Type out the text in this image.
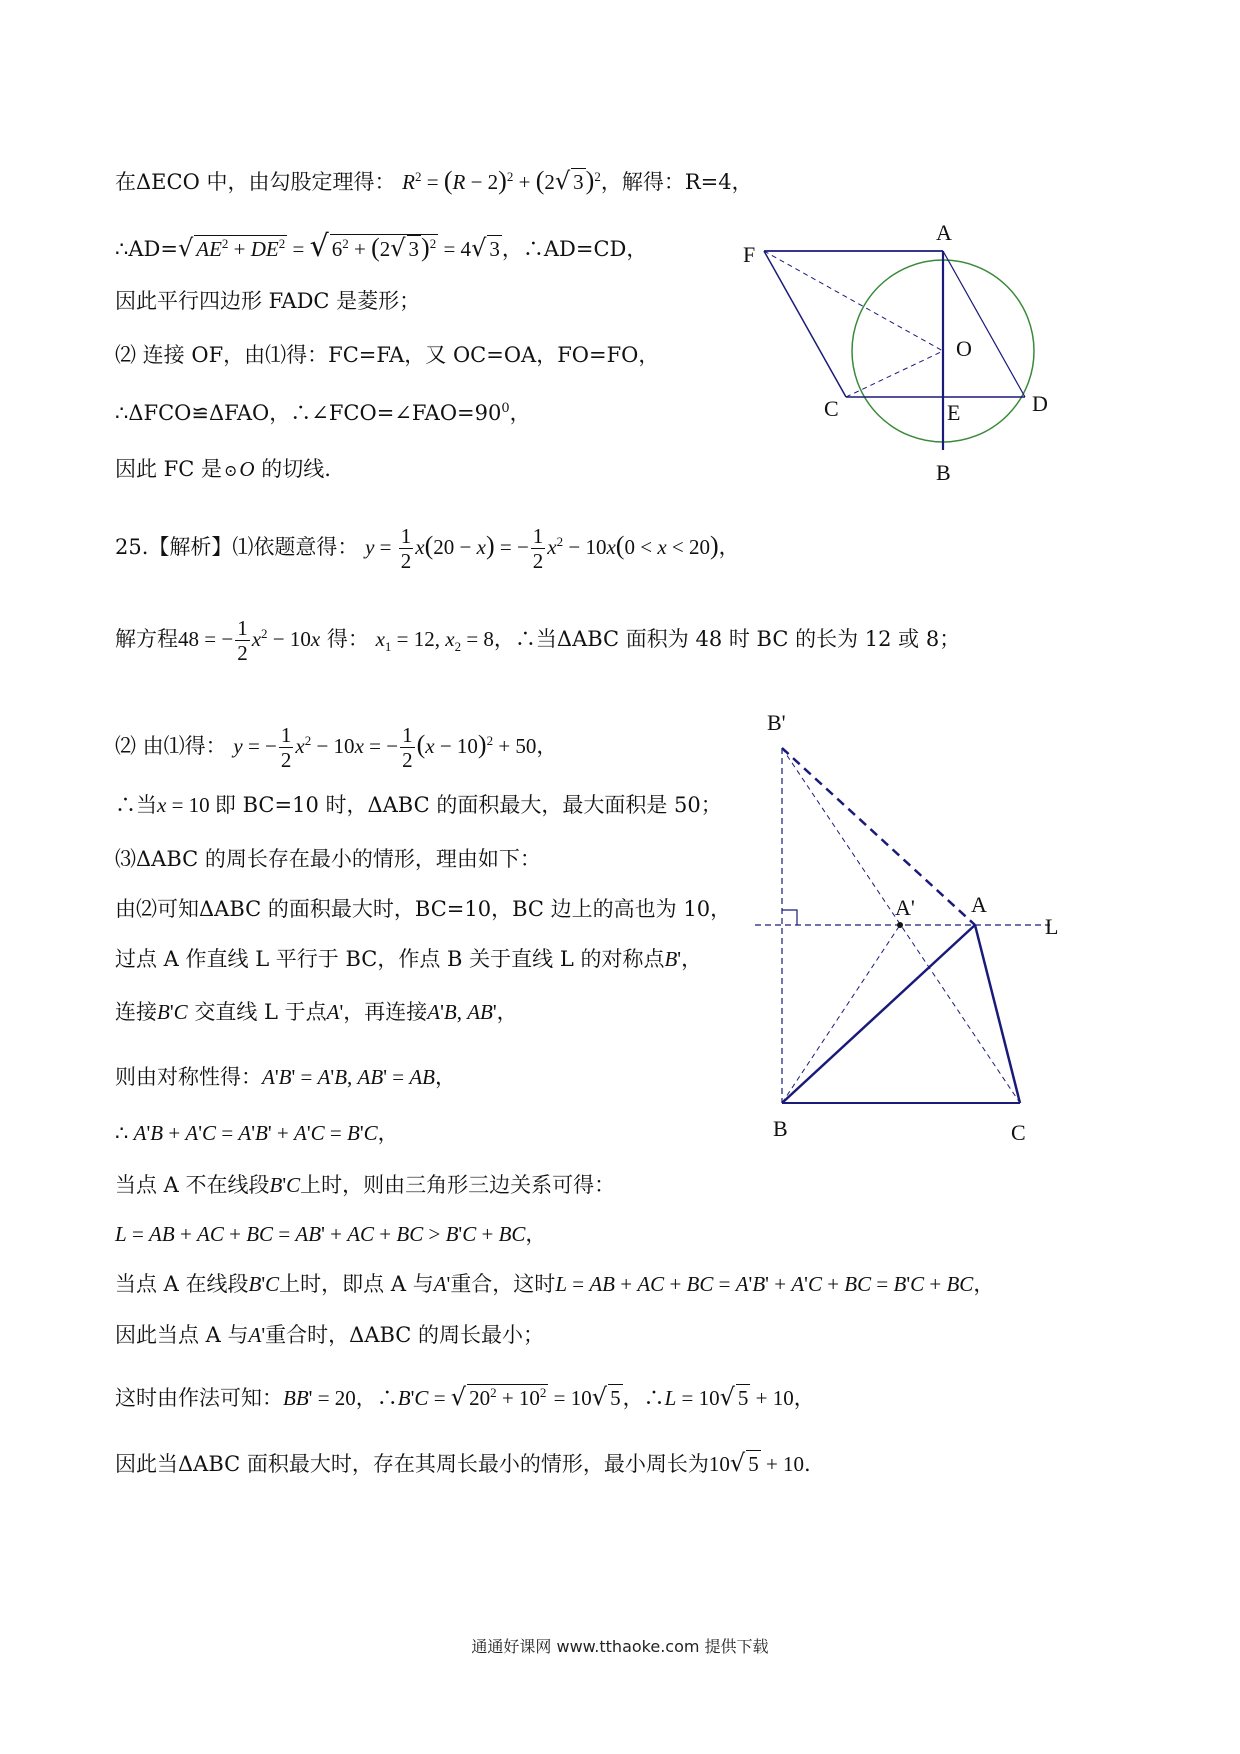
在ΔECO 中，由勾股定理得： $R^2 = (R - 2)^2 + (2√$ 3)$^2$，解得：R=4，
∴AD=√ $AE^2 + DE^2$ = √ $6^2 + (2√$ 3)$^2$ = 4√ 3，∴AD=CD，
因此平行四边形 FADC 是菱形；
⑵ 连接 OF，由⑴得：FC=FA，又 OC=OA，FO=FO，
∴ΔFCO≌ΔFAO，$\therefore\angle FCO=\angle FAO=90^0$，
因此 FC 是 ⊙O 的切线.
A
F
O
C	E	D
B
25.【解析】⑴依题意得： $y = \frac{1}{2} x(20 - x)$ = − $\frac{1}{2} x^2 - 10x(0 < x < 20)$，
解方程48 = − $\frac{1}{2} x^2 - 10x$ 得： $x_1 = 12$, $x_2 = 8$，∴当ΔABC 面积为 48 时 BC 的长为 12 或 8；
⑵ 由⑴得： y = − $\frac{1}{2} x^2 - 10x$ = − $\frac{1}{2} (x - 10)^2 + 50$，
∴当x = 10 即 BC=10 时，ΔABC 的面积最大，最大面积是 50；
⑶ΔABC 的周长存在最小的情形，理由如下：
由⑵可知ΔABC 的面积最大时，BC=10，BC 边上的高也为 10，
过点 A 作直线 L 平行于 BC，作点 B 关于直线 L 的对称点B'，
连接B'C 交直线 L 于点A'，再连接A'B, AB'，
则由对称性得：A'B' = A'B, AB' = AB，
∴ A'B + A'C = A'B' + A'C = B'C，
当点 A 不在线段B'C上时，则由三角形三边关系可得：
L = AB + AC + BC = AB' + AC + BC > B'C + BC，
当点 A 在线段B'C上时，即点 A 与A'重合，这时L = AB + AC + BC = A'B' + A'C + BC = B'C + BC，
因此当点 A 与A'重合时，ΔABC 的周长最小；
这时由作法可知：BB' = 20，∴B'C = √ $20^2 + 10^2 = 10√$ 5，∴L = 10√ 5 + 10，
因此当ΔABC 面积最大时，存在其周长最小的情形，最小周长为10√ 5 + 10.
B'
A'	A
L
B	C
通通好课网 www.tthaoke.com 提供下载
